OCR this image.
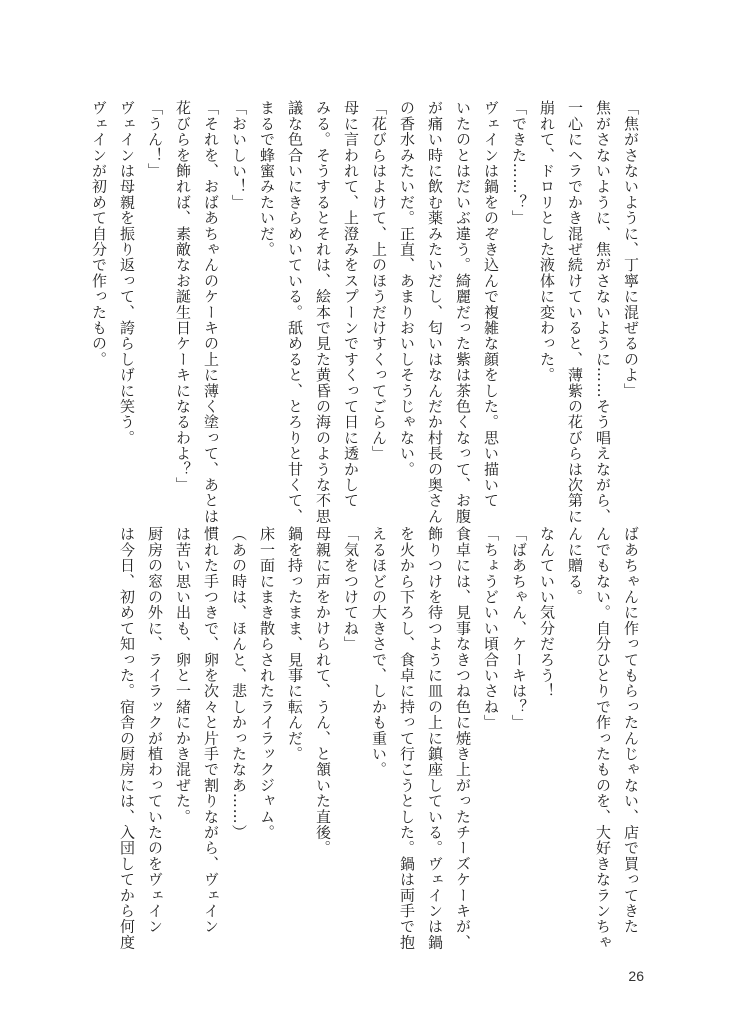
「焦がさないように、丁寧に混ぜるのよ」
焦がさないように、焦がさないように……そう唱えながら、
一心にヘラでかき混ぜ続けていると、薄紫の花びらは次第に
崩れて、ドロリとした液体に変わった。
「できた……？」
ヴェインは鍋をのぞき込んで複雑な顔をした。思い描いて
いたのとはだいぶ違う。綺麗だった紫は茶色くなって、お腹
が痛い時に飲む薬みたいだし、匂いはなんだか村長の奥さん
の香水みたいだ。正直、あまりおいしそうじゃない。
「花びらはよけて、上のほうだけすくってごらん」
母に言われて、上澄みをスプーンですくって日に透かして
みる。そうするとそれは、絵本で見た黄昏の海のような不思
議な色合いにきらめいている。舐めると、とろりと甘くて、
まるで蜂蜜みたいだ。
「おいしい！」
「それを、おばあちゃんのケーキの上に薄く塗って、あとは
花びらを飾れば、素敵なお誕生日ケーキになるわよ？」
「うん！」
ヴェインは母親を振り返って、誇らしげに笑う。
ヴェインが初めて自分で作ったもの。
ばあちゃんに作ってもらったんじゃない、店で買ってきた
んでもない。自分ひとりで作ったものを、大好きなランちゃ
んに贈る。
なんていい気分だろう！
「ばあちゃん、ケーキは？」
「ちょうどいい頃合いさね」
食卓には、見事なきつね色に焼き上がったチーズケーキが、
飾りつけを待つように皿の上に鎮座している。ヴェインは鍋
を火から下ろし、食卓に持って行こうとした。鍋は両手で抱
えるほどの大きさで、しかも重い。
「気をつけてね」
母親に声をかけられて、うん、と頷いた直後。
鍋を持ったまま、見事に転んだ。
床一面にまき散らされたライラックジャム。
（あの時は、ほんと、悲しかったなあ……）
慣れた手つきで、卵を次々と片手で割りながら、ヴェイン
は苦い思い出も、卵と一緒にかき混ぜた。
厨房の窓の外に、ライラックが植わっていたのをヴェイン
は今日、初めて知った。宿舎の厨房には、入団してから何度
26
